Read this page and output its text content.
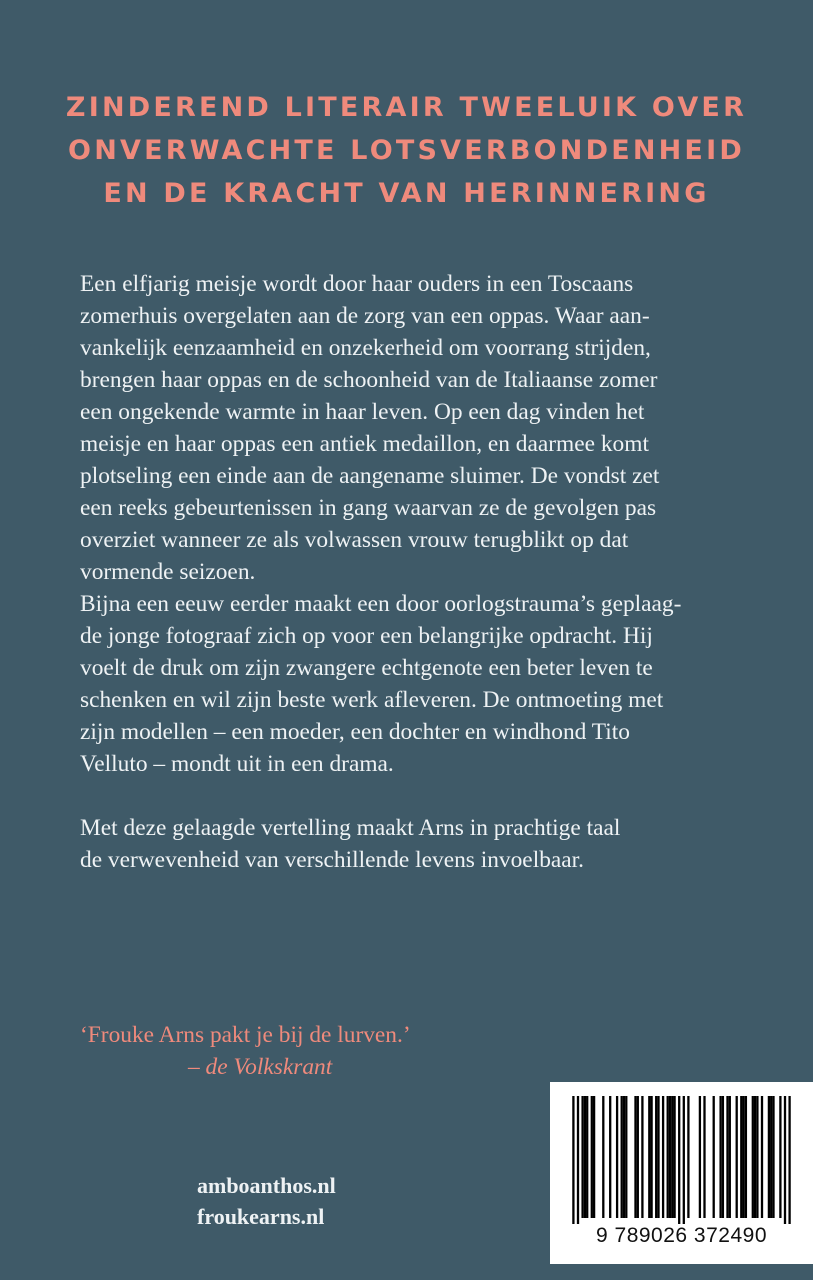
ZINDEREND LITERAIR TWEELUIK OVER
ONVERWACHTE LOTSVERBONDENHEID
EN DE KRACHT VAN HERINNERING
Een elfjarig meisje wordt door haar ouders in een Toscaans
zomerhuis overgelaten aan de zorg van een oppas. Waar aan-
vankelijk eenzaamheid en onzekerheid om voorrang strijden,
brengen haar oppas en de schoonheid van de Italiaanse zomer
een ongekende warmte in haar leven. Op een dag vinden het
meisje en haar oppas een antiek medaillon, en daarmee komt
plotseling een einde aan de aangename sluimer. De vondst zet
een reeks gebeurtenissen in gang waarvan ze de gevolgen pas
overziet wanneer ze als volwassen vrouw terugblikt op dat
vormende seizoen.
Bijna een eeuw eerder maakt een door oorlogstrauma’s geplaag-
de jonge fotograaf zich op voor een belangrijke opdracht. Hij
voelt de druk om zijn zwangere echtgenote een beter leven te
schenken en wil zijn beste werk afleveren. De ontmoeting met
zijn modellen – een moeder, een dochter en windhond Tito
Velluto – mondt uit in een drama.
Met deze gelaagde vertelling maakt Arns in prachtige taal
de verwevenheid van verschillende levens invoelbaar.
‘Frouke Arns pakt je bij de lurven.’
– de Volkskrant
amboanthos.nl
froukearns.nl
9 789026 372490
